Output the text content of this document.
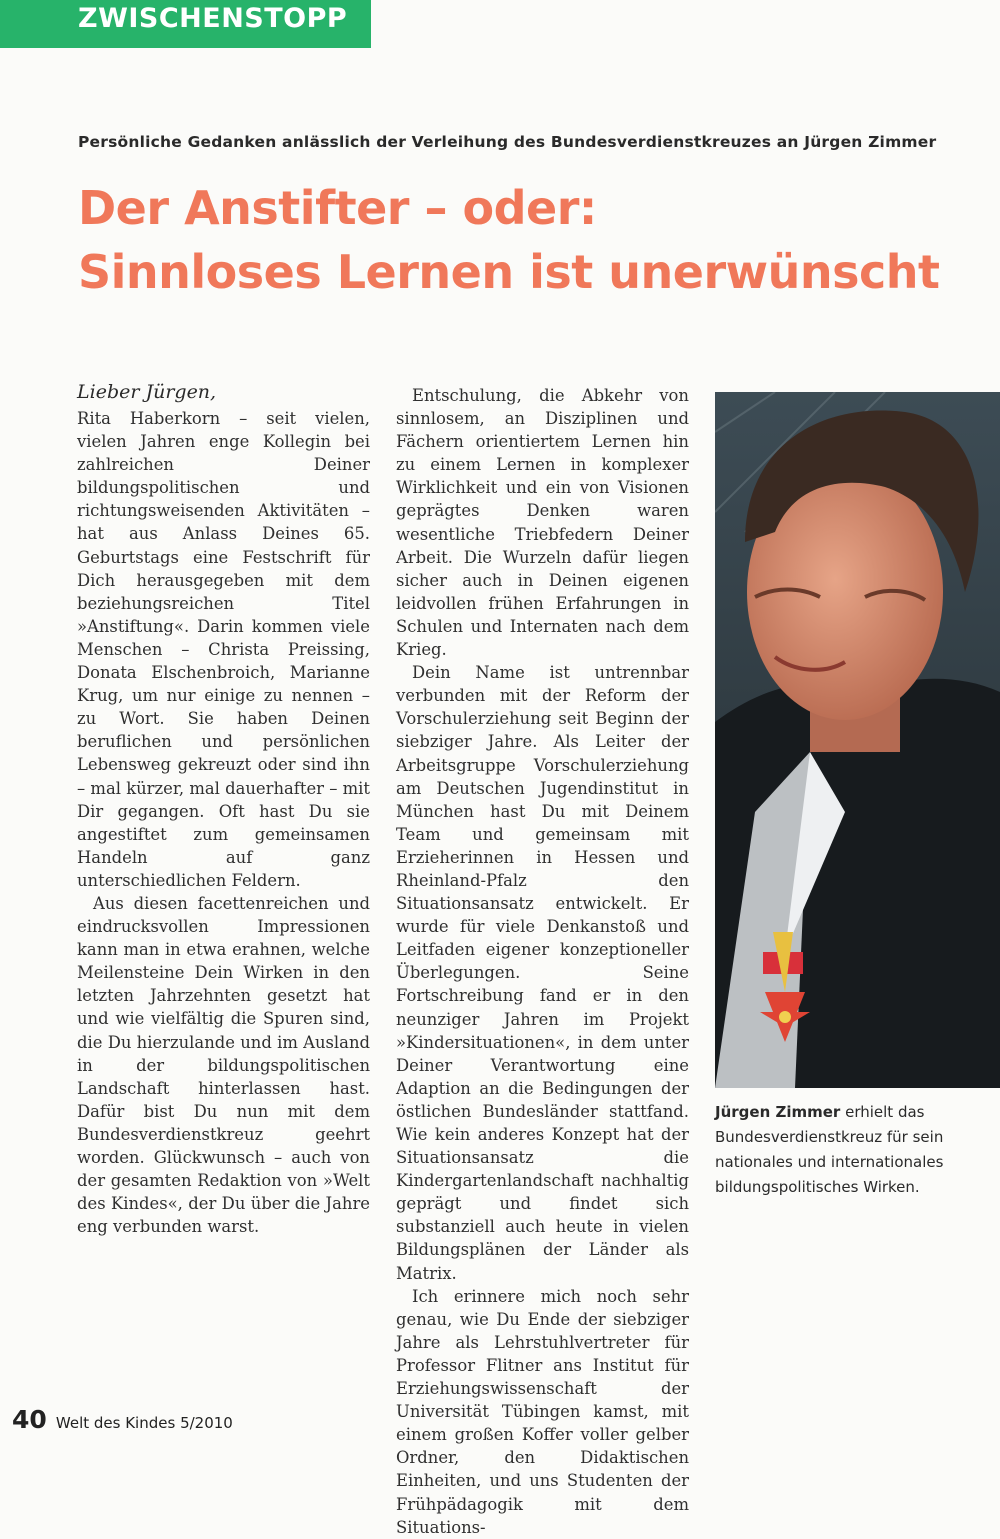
ZWISCHENSTOPP
Persönliche Gedanken anlässlich der Verleihung des Bundesverdienstkreuzes an Jürgen Zimmer
Der Anstifter – oder:
Sinnloses Lernen ist unerwünscht
Lieber Jürgen,

Rita Haberkorn – seit vielen, vielen Jahren enge Kollegin bei zahlreichen Deiner bildungspolitischen und richtungsweisenden Aktivitäten – hat aus Anlass Deines 65. Geburtstags eine Festschrift für Dich herausgegeben mit dem beziehungsreichen Titel »Anstiftung«. Darin kommen viele Menschen – Christa Preissing, Donata Elschenbroich, Marianne Krug, um nur einige zu nennen – zu Wort. Sie haben Deinen beruflichen und persönlichen Lebensweg gekreuzt oder sind ihn – mal kürzer, mal dauerhafter – mit Dir gegangen. Oft hast Du sie angestiftet zum gemeinsamen Handeln auf ganz unterschiedlichen Feldern.

Aus diesen facettenreichen und eindrucksvollen Impressionen kann man in etwa erahnen, welche Meilensteine Dein Wirken in den letzten Jahrzehnten gesetzt hat und wie vielfältig die Spuren sind, die Du hierzulande und im Ausland in der bildungspolitischen Landschaft hinterlassen hast. Dafür bist Du nun mit dem Bundesverdienstkreuz geehrt worden. Glückwunsch – auch von der gesamten Redaktion von »Welt des Kindes«, der Du über die Jahre eng verbunden warst.

Entschulung, die Abkehr von sinnlosem, an Disziplinen und Fächern orientiertem Lernen hin zu einem Lernen in komplexer Wirklichkeit und ein von Visionen geprägtes Denken waren wesentliche Triebfedern Deiner Arbeit. Die Wurzeln dafür liegen sicher auch in Deinen eigenen leidvollen frühen Erfahrungen in Schulen und Internaten nach dem Krieg.

Dein Name ist untrennbar verbunden mit der Reform der Vorschulerziehung seit Beginn der siebziger Jahre. Als Leiter der Arbeitsgruppe Vorschulerziehung am Deutschen Jugendinstitut in München hast Du mit Deinem Team und gemeinsam mit Erzieherinnen in Hessen und Rheinland-Pfalz den Situationsansatz entwickelt. Er wurde für viele Denkanstoß und Leitfaden eigener konzeptioneller Überlegungen. Seine Fortschreibung fand er in den neunziger Jahren im Projekt »Kindersituationen«, in dem unter Deiner Verantwortung eine Adaption an die Bedingungen der östlichen Bundesländer stattfand. Wie kein anderes Konzept hat der Situationsansatz die Kindergartenlandschaft nachhaltig geprägt und findet sich substanziell auch heute in vielen Bildungsplänen der Länder als Matrix.

Ich erinnere mich noch sehr genau, wie Du Ende der siebziger Jahre als Lehrstuhlvertreter für Professor Flitner ans Institut für Erziehungswissenschaft der Universität Tübingen kamst, mit einem großen Koffer voller gelber Ordner, den Didaktischen Einheiten, und uns Studenten der Frühpädagogik mit dem Situations-

Jürgen Zimmer erhielt das Bundesverdienstkreuz für sein nationales und internationales bildungspolitisches Wirken.
40 Welt des Kindes 5/2010
